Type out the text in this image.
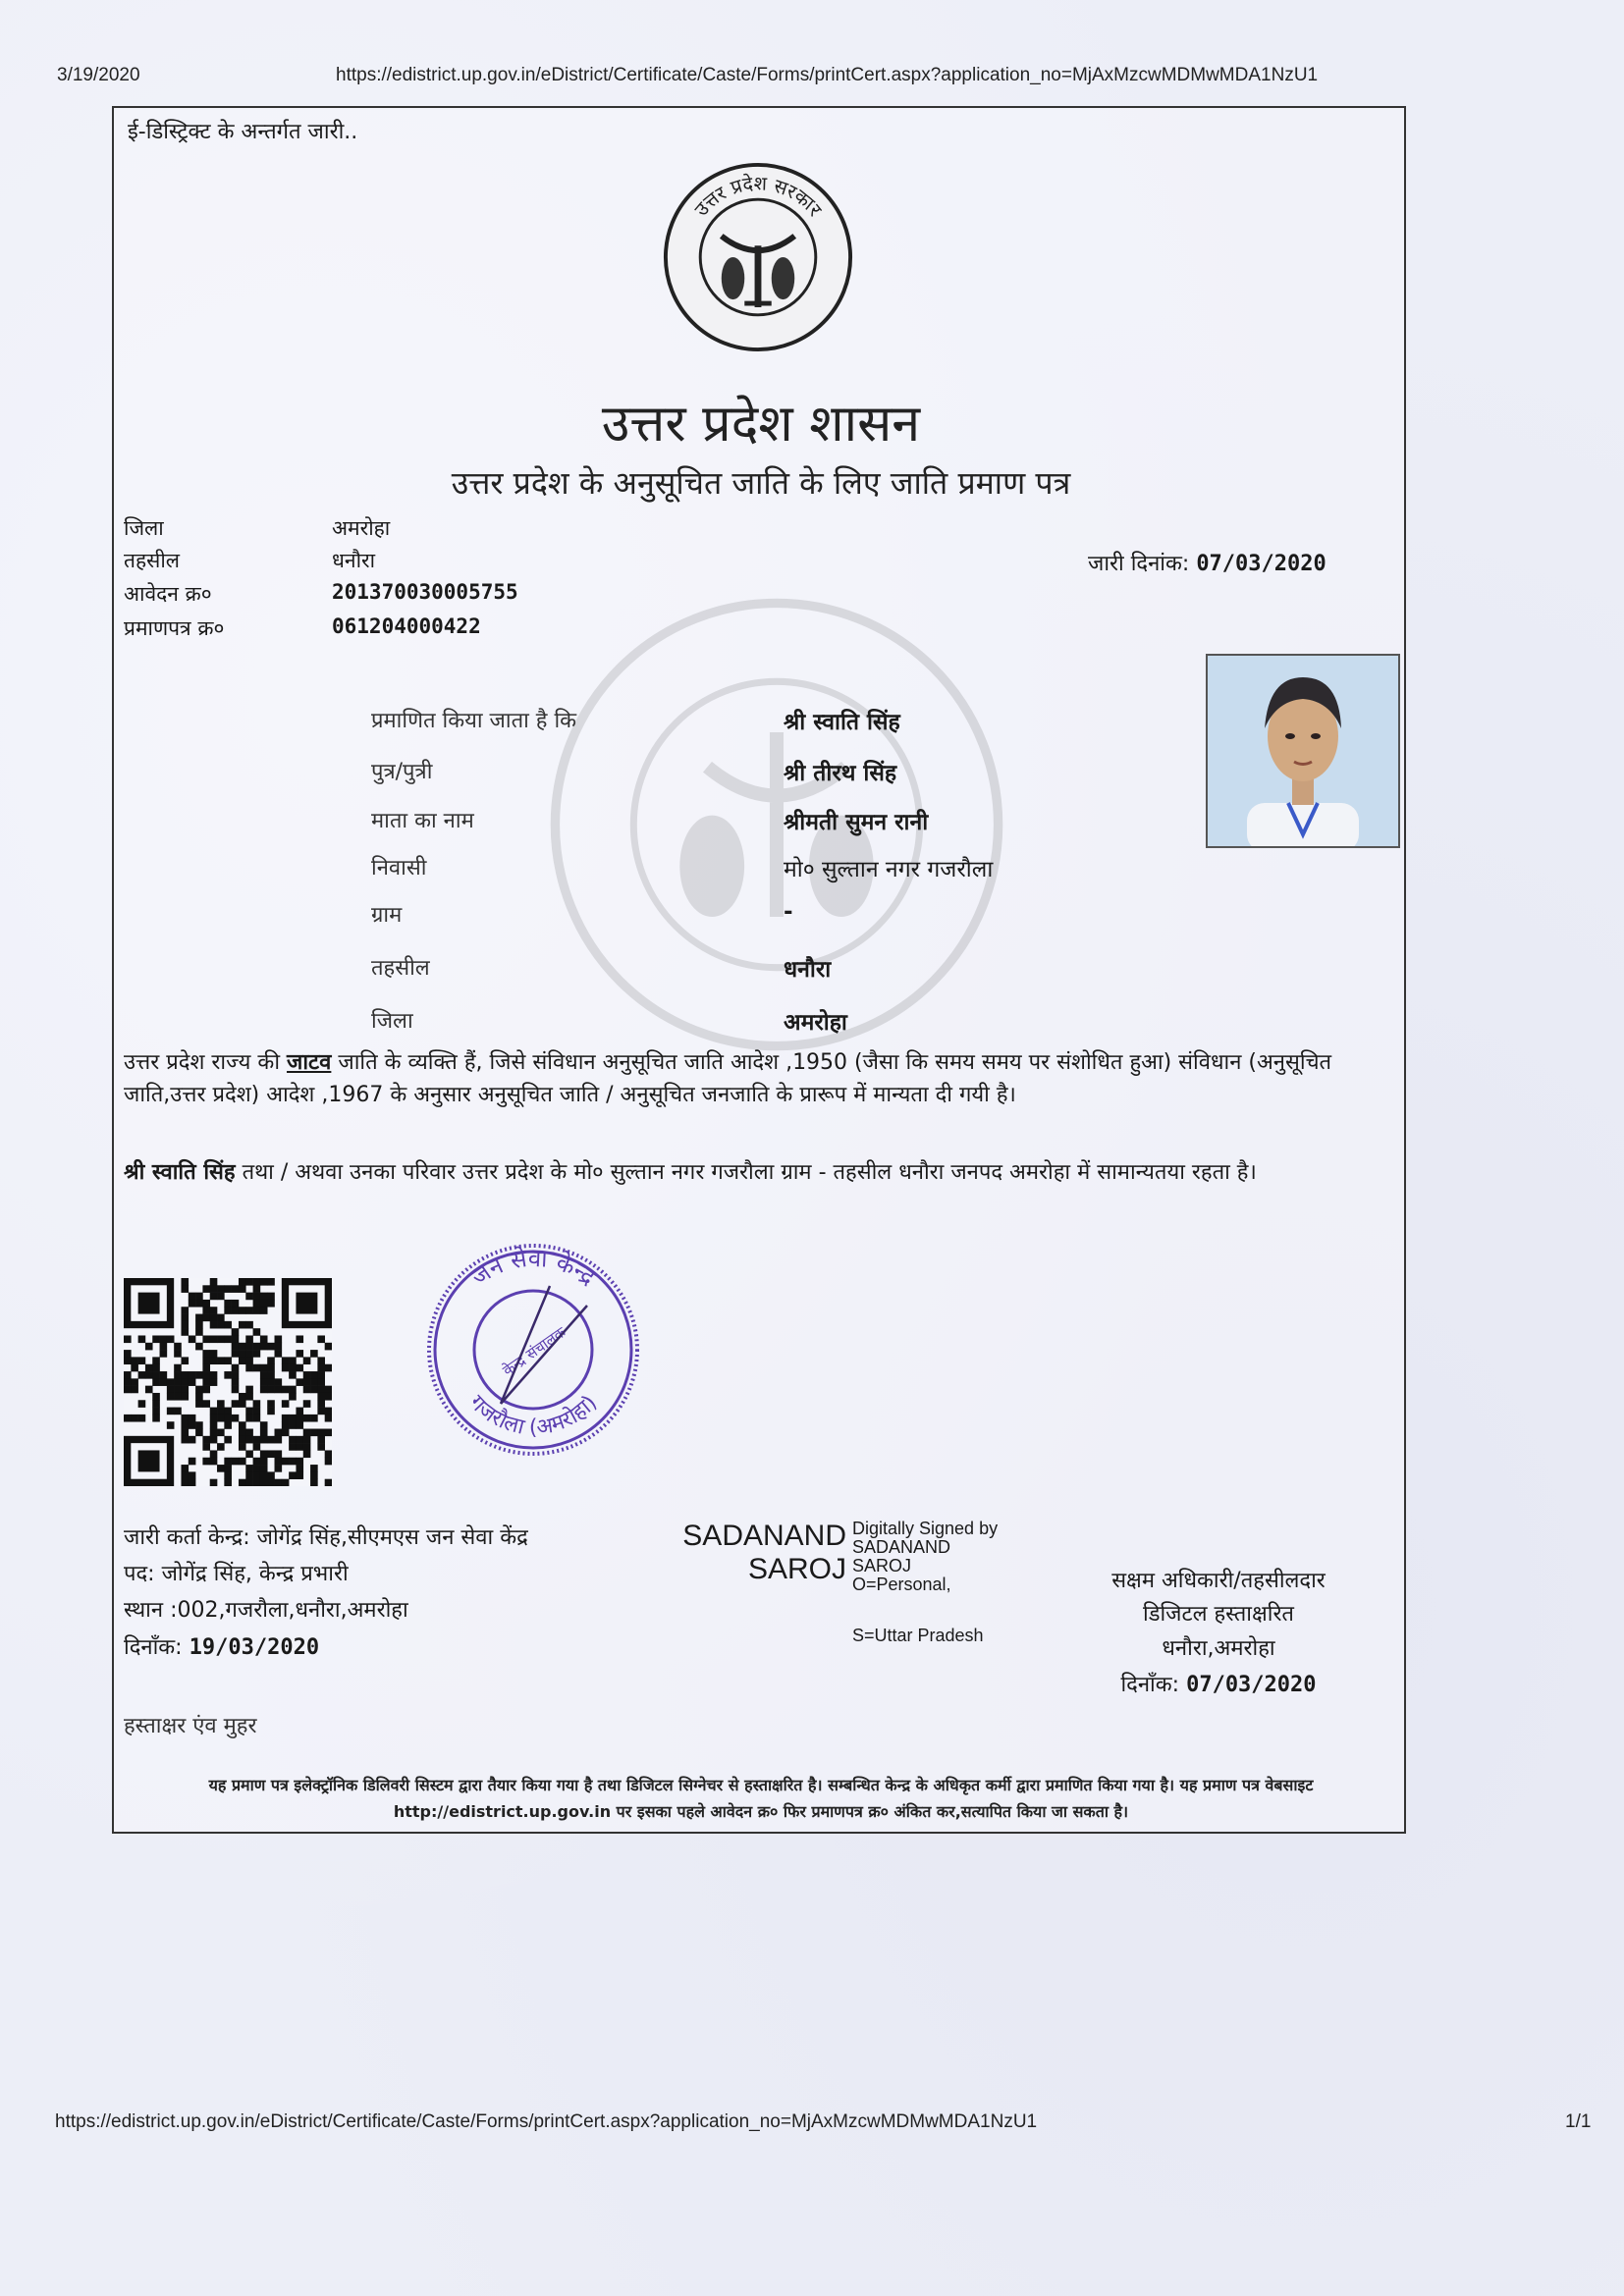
3/19/2020	https://edistrict.up.gov.in/eDistrict/Certificate/Caste/Forms/printCert.aspx?application_no=MjAxMzcwMDMwMDA1NzU1
ई-डिस्ट्रिक्ट के अन्तर्गत जारी..
उत्तर प्रदेश सरकार
उत्तर प्रदेश शासन
उत्तर प्रदेश के अनुसूचित जाति के लिए जाति प्रमाण पत्र
जिला	अमरोहा
तहसील	धनौरा
आवेदन क्र०	201370030005755
प्रमाणपत्र क्र०	061204000422
जारी दिनांक: 07/03/2020
प्रमाणित किया जाता है कि	श्री स्वाति सिंह
पुत्र/पुत्री	श्री तीरथ सिंह
माता का नाम	श्रीमती सुमन रानी
निवासी	मो० सुल्तान नगर गजरौला
ग्राम	-
तहसील	धनौरा
जिला	अमरोहा
उत्तर प्रदेश राज्य की जाटव जाति के व्यक्ति हैं, जिसे संविधान अनुसूचित जाति आदेश ,1950 (जैसा कि समय समय पर संशोधित हुआ) संविधान (अनुसूचित जाति,उत्तर प्रदेश) आदेश ,1967 के अनुसार अनुसूचित जाति / अनुसूचित जनजाति के प्रारूप में मान्यता दी गयी है।
श्री स्वाति सिंह तथा / अथवा उनका परिवार उत्तर प्रदेश के मो० सुल्तान नगर गजरौला ग्राम - तहसील धनौरा जनपद अमरोहा में सामान्यतया रहता है।
जन सेवा केन्द्र
गजरौला (अमरोहा)
केन्द्र संचालक
जारी कर्ता केन्द्र: जोगेंद्र सिंह,सीएमएस जन सेवा केंद्र
पद: जोगेंद्र सिंह, केन्द्र प्रभारी
स्थान :002,गजरौला,धनौरा,अमरोहा
दिनाँक: 19/03/2020
SADANAND
SAROJ
Digitally Signed by
SADANAND
SAROJ
O=Personal,
S=Uttar Pradesh
सक्षम अधिकारी/तहसीलदार
डिजिटल हस्ताक्षरित
धनौरा,अमरोहा
दिनाँक: 07/03/2020
हस्ताक्षर एंव मुहर
यह प्रमाण पत्र इलेक्ट्रॉनिक डिलिवरी सिस्टम द्वारा तैयार किया गया है तथा डिजिटल सिग्नेचर से हस्ताक्षरित है। सम्बन्धित केन्द्र के अधिकृत कर्मी द्वारा प्रमाणित किया गया है। यह प्रमाण पत्र वेबसाइट http://edistrict.up.gov.in पर इसका पहले आवेदन क्र० फिर प्रमाणपत्र क्र० अंकित कर,सत्यापित किया जा सकता है।
https://edistrict.up.gov.in/eDistrict/Certificate/Caste/Forms/printCert.aspx?application_no=MjAxMzcwMDMwMDA1NzU1	1/1
